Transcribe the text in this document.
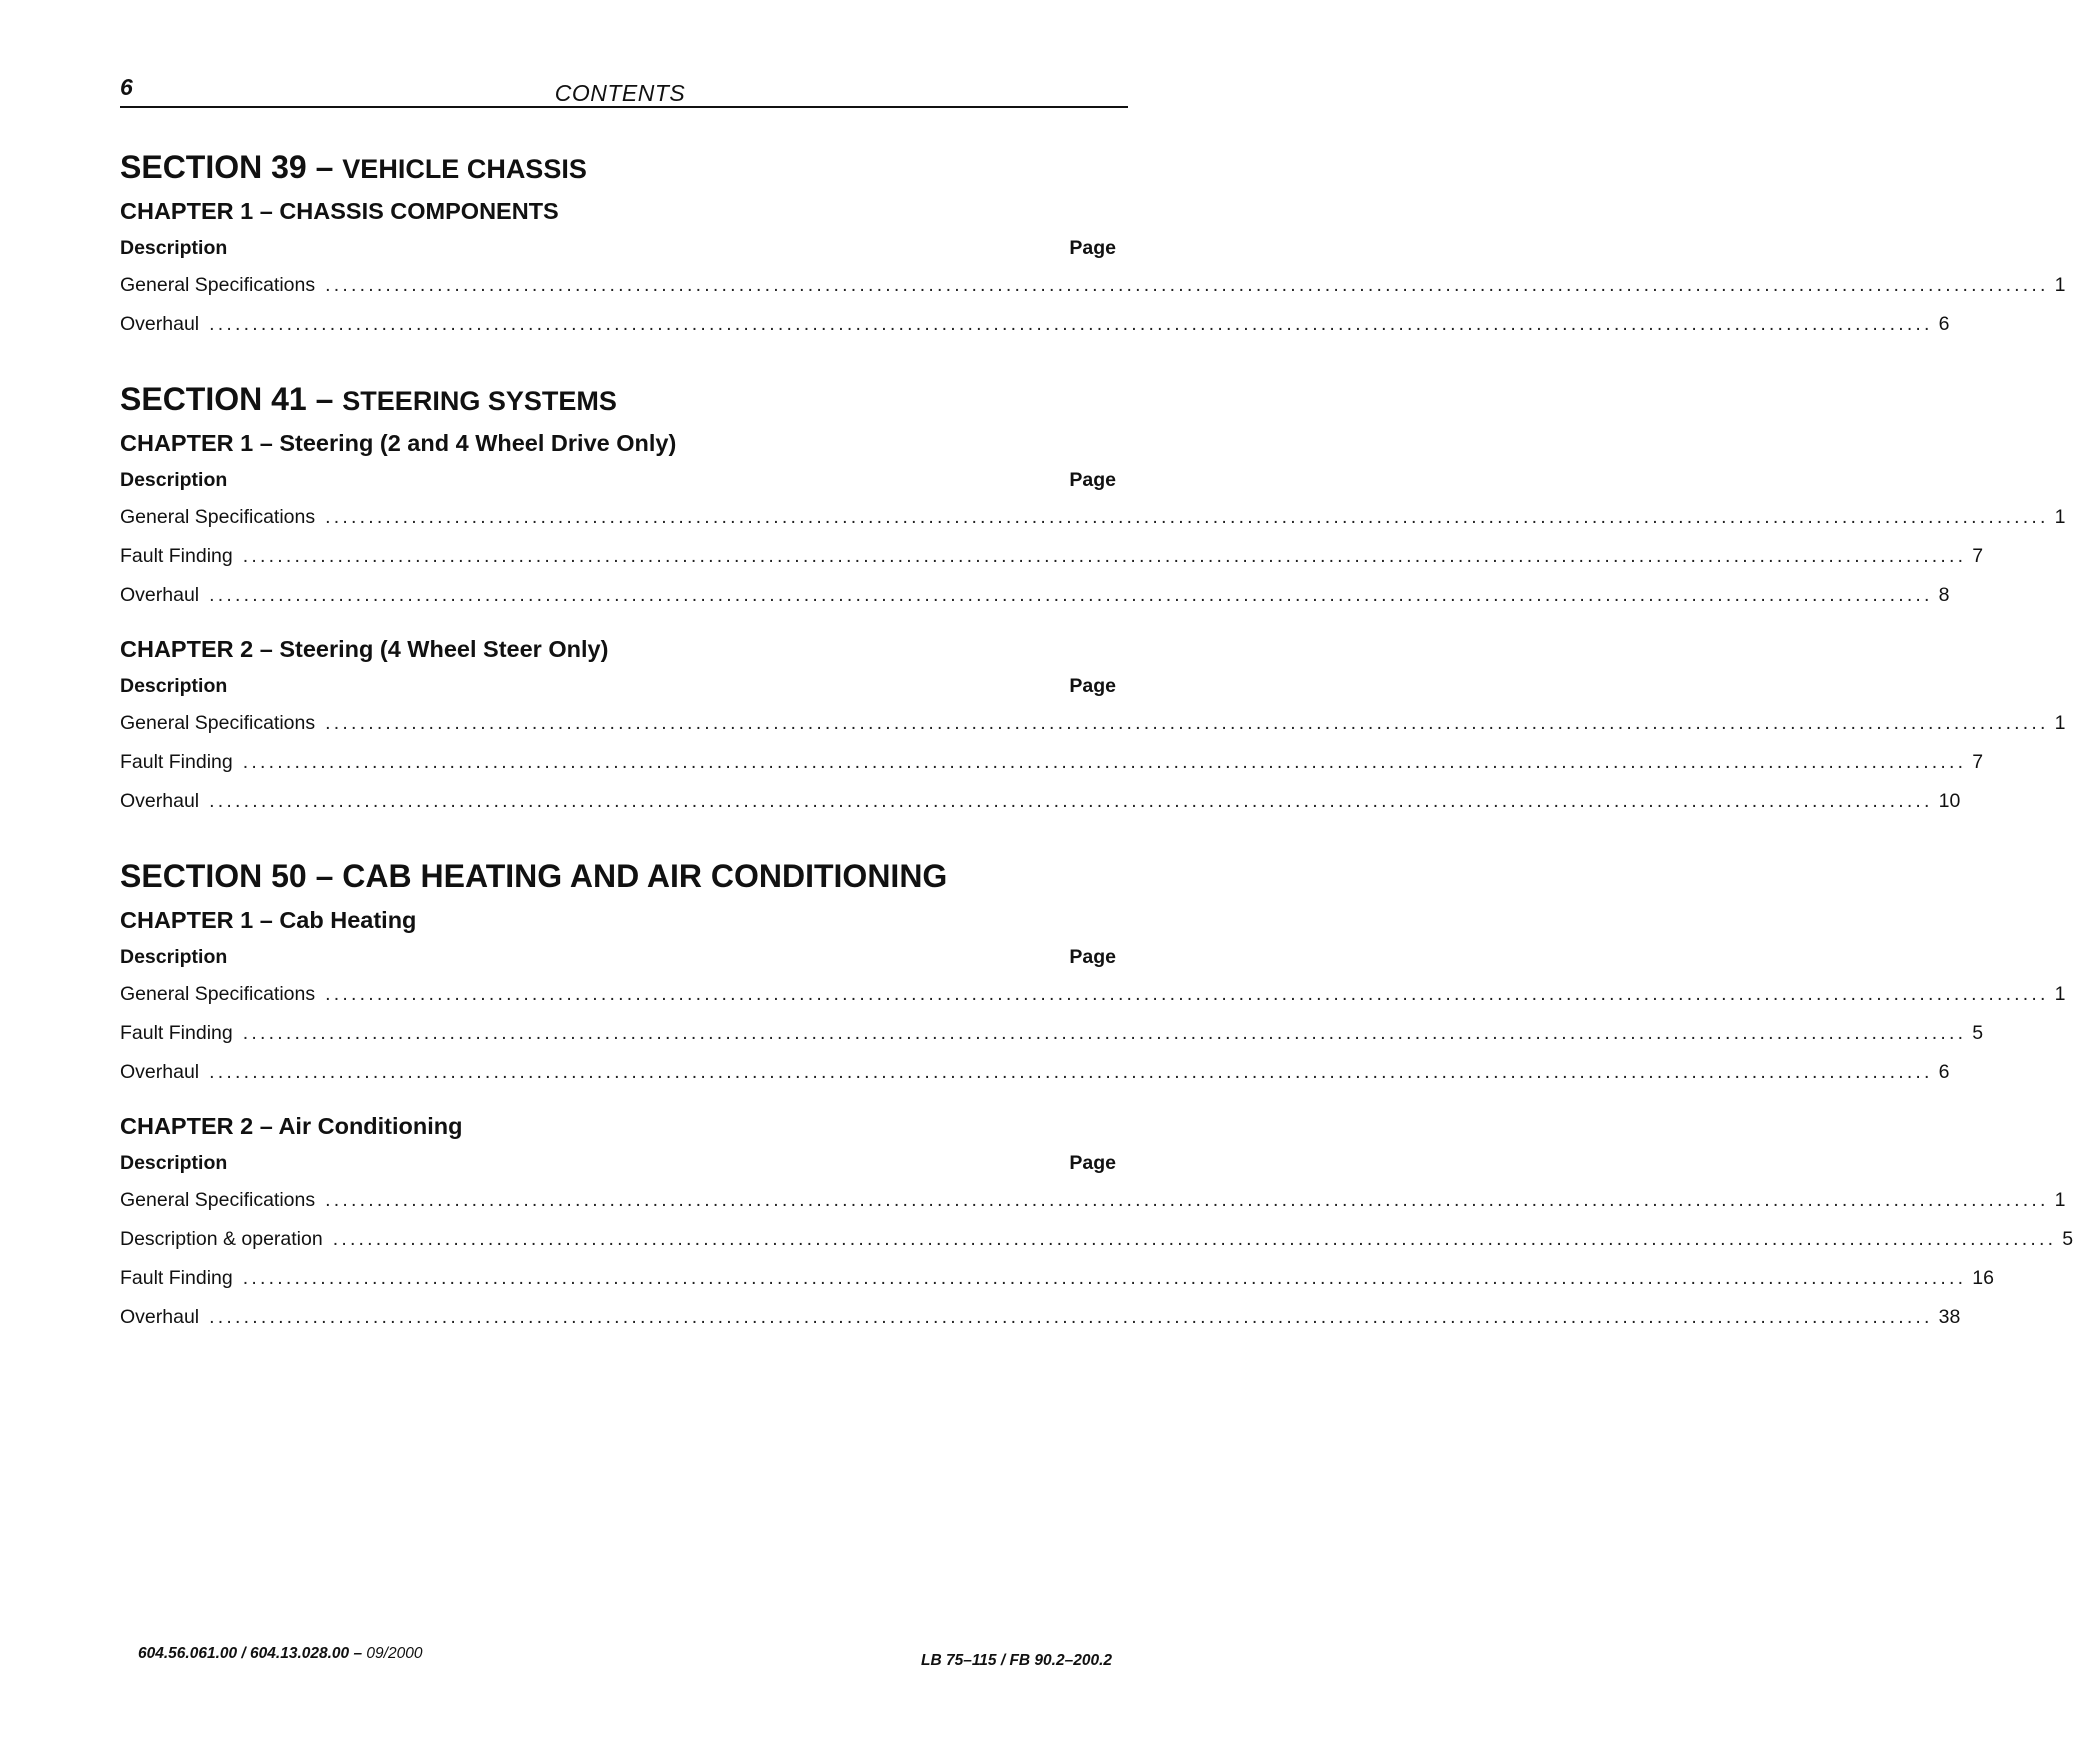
6	CONTENTS
SECTION 39 – VEHICLE CHASSIS
CHAPTER 1 – CHASSIS COMPONENTS
Description	Page
General Specifications ........................................................................................................................................................................................................ 1
Overhaul ........................................................................................................................................................................................................ 6
SECTION 41 – STEERING SYSTEMS
CHAPTER 1 – Steering (2 and 4 Wheel Drive Only)
Description	Page
General Specifications ........................................................................................................................................................................................................ 1
Fault Finding ........................................................................................................................................................................................................ 7
Overhaul ........................................................................................................................................................................................................ 8
CHAPTER 2 – Steering (4 Wheel Steer Only)
Description	Page
General Specifications ........................................................................................................................................................................................................ 1
Fault Finding ........................................................................................................................................................................................................ 7
Overhaul ........................................................................................................................................................................................................ 10
SECTION 50 – CAB HEATING AND AIR CONDITIONING
CHAPTER 1 – Cab Heating
Description	Page
General Specifications ........................................................................................................................................................................................................ 1
Fault Finding ........................................................................................................................................................................................................ 5
Overhaul ........................................................................................................................................................................................................ 6
CHAPTER 2 – Air Conditioning
Description	Page
General Specifications ........................................................................................................................................................................................................ 1
Description & operation ........................................................................................................................................................................................................ 5
Fault Finding ........................................................................................................................................................................................................ 16
Overhaul ........................................................................................................................................................................................................ 38
604.56.061.00 / 604.13.028.00 – 09/2000	LB 75–115 / FB 90.2–200.2
